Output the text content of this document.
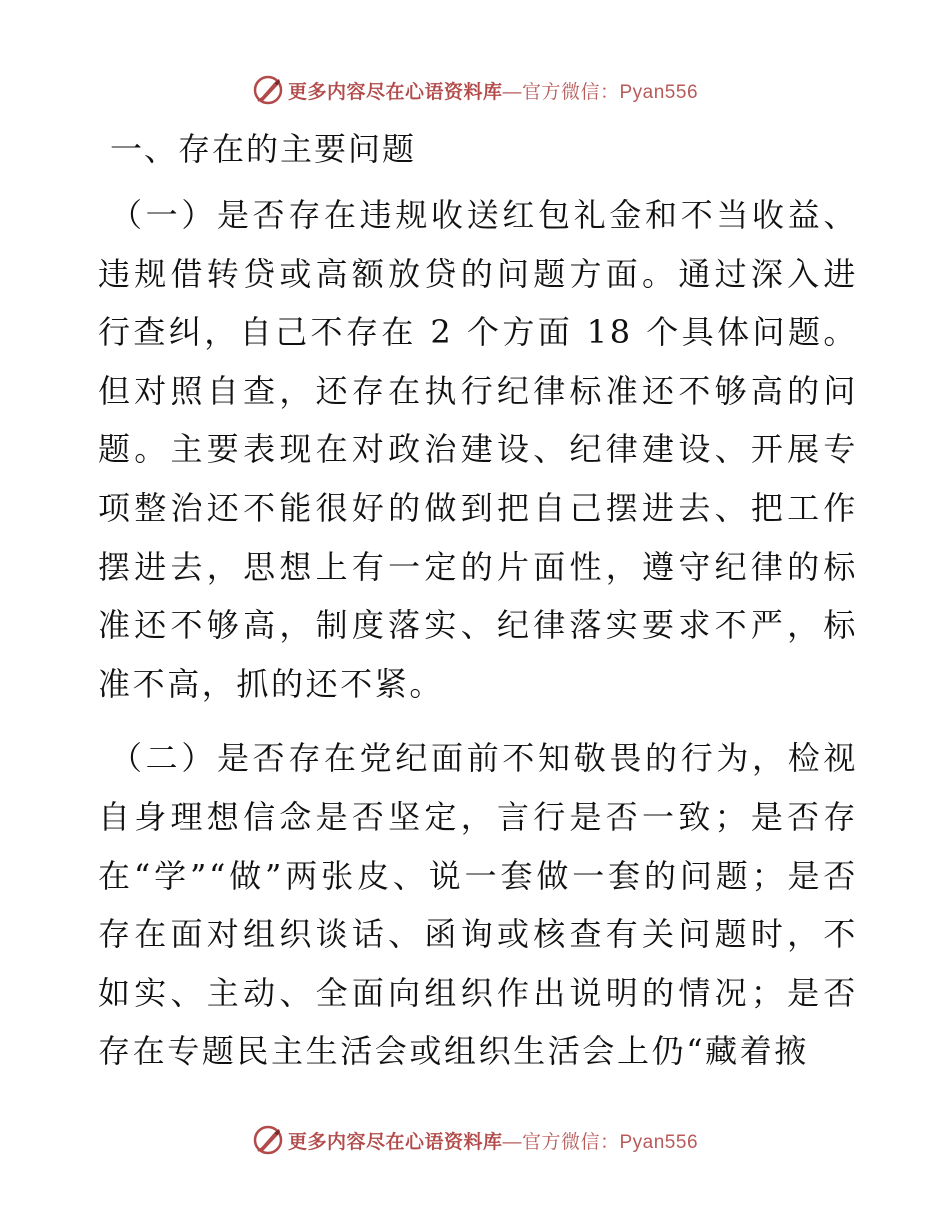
更多内容尽在心语资料库—官方微信：Pyan556
一、存在的主要问题

（一）是否存在违规收送红包礼金和不当收益、违规借转贷或高额放贷的问题方面。通过深入进行查纠，自己不存在 2 个方面 18 个具体问题。但对照自查，还存在执行纪律标准还不够高的问题。主要表现在对政治建设、纪律建设、开展专项整治还不能很好的做到把自己摆进去、把工作摆进去，思想上有一定的片面性，遵守纪律的标准还不够高，制度落实、纪律落实要求不严，标准不高，抓的还不紧。

（二）是否存在党纪面前不知敬畏的行为，检视自身理想信念是否坚定，言行是否一致；是否存在“学”“做”两张皮、说一套做一套的问题；是否存在面对组织谈话、函询或核查有关问题时，不如实、主动、全面向组织作出说明的情况；是否存在专题民主生活会或组织生活会上仍“藏着掖

更多内容尽在心语资料库—官方微信：Pyan556
